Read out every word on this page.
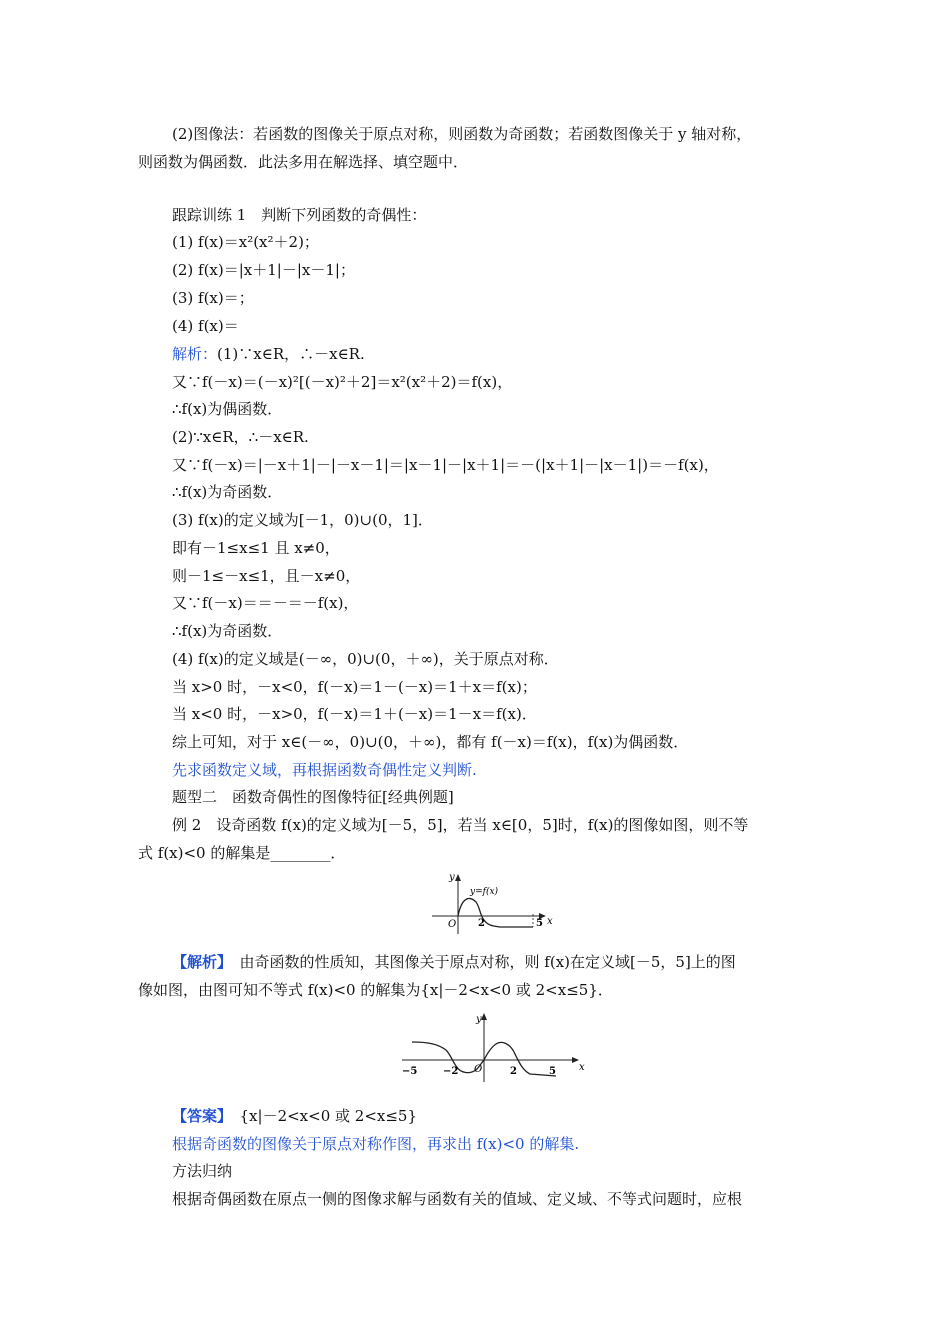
(2)图像法：若函数的图像关于原点对称，则函数为奇函数；若函数图像关于 y 轴对称，
则函数为偶函数．此法多用在解选择、填空题中．
跟踪训练 1　判断下列函数的奇偶性：
(1) f(x)＝x²(x²＋2)；
(2) f(x)＝|x＋1|－|x－1|；
(3) f(x)＝；
(4) f(x)＝
解析：(1)∵x∈R，∴－x∈R.
又∵f(－x)＝(－x)²[(－x)²＋2]＝x²(x²＋2)＝f(x)，
∴f(x)为偶函数．
(2)∵x∈R，∴－x∈R.
又∵f(－x)＝|－x＋1|－|－x－1|＝|x－1|－|x＋1|＝－(|x＋1|－|x－1|)＝－f(x)，
∴f(x)为奇函数．
(3) f(x)的定义域为[－1，0)∪(0，1]．
即有－1≤x≤1 且 x≠0，
则－1≤－x≤1，且－x≠0，
又∵f(－x)＝＝－＝－f(x)，
∴f(x)为奇函数．
(4) f(x)的定义域是(－∞，0)∪(0，＋∞)，关于原点对称．
当 x>0 时，－x<0，f(－x)＝1－(－x)＝1＋x＝f(x)；
当 x<0 时，－x>0，f(－x)＝1＋(－x)＝1－x＝f(x)．
综上可知，对于 x∈(－∞，0)∪(0，＋∞)，都有 f(－x)＝f(x)，f(x)为偶函数．
先求函数定义域，再根据函数奇偶性定义判断.
题型二　函数奇偶性的图像特征[经典例题]
例 2　设奇函数 f(x)的定义域为[－5，5]，若当 x∈[0，5]时，f(x)的图像如图，则不等
式 f(x)<0 的解集是________．
y
x
y=f(x)
O 2	5
【解析】　由奇函数的性质知，其图像关于原点对称，则 f(x)在定义域[－5，5]上的图
像如图，由图可知不等式 f(x)<0 的解集为{x|－2<x<0 或 2<x≤5}．
y
x
O
−5	−2	2	5
【答案】　{x|－2<x<0 或 2<x≤5}
根据奇函数的图像关于原点对称作图，再求出 f(x)<0 的解集.
方法归纳
根据奇偶函数在原点一侧的图像求解与函数有关的值域、定义域、不等式问题时，应根
